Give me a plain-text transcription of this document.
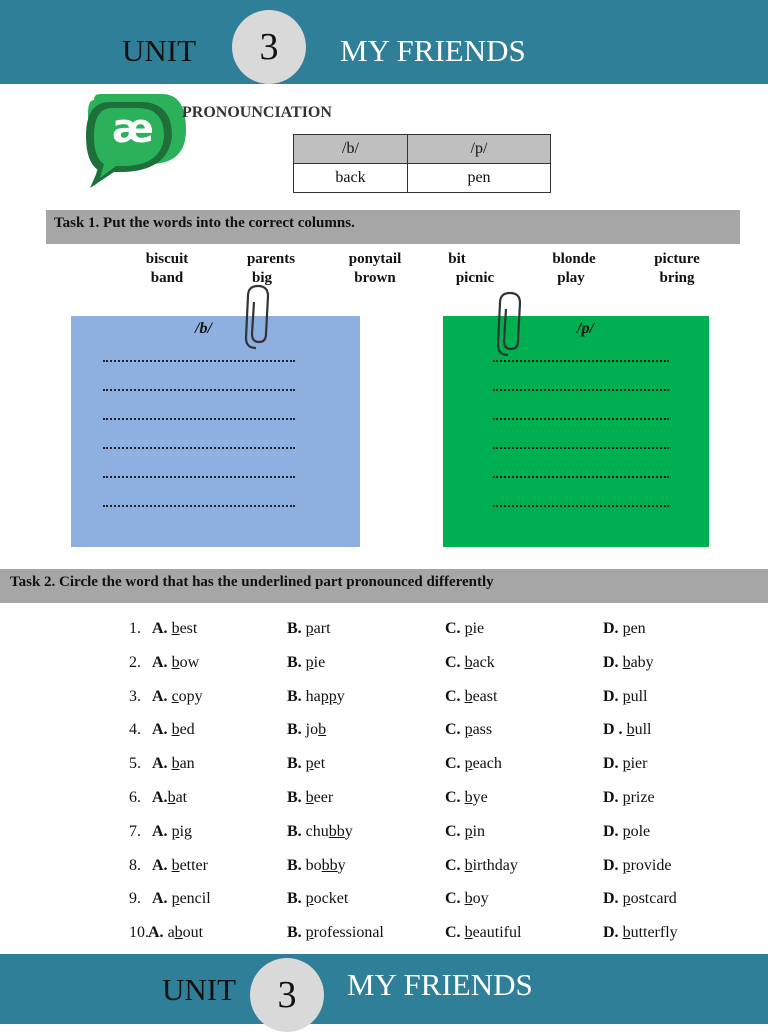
UNIT	3	MY FRIENDS
æ PRONOUNCIATION
/b/	/p/
back	pen
Task 1. Put the words into the correct columns.
biscuit
band
parents
big
ponytail
brown
bit
picnic
blonde
play
picture
bring
/b/	/p/
Task 2. Circle the word that has the underlined part pronounced differently
1. A. best	B. part	C. pie	D. pen
2. A. bow	B. pie	C. back	D. baby
3. A. copy	B. happy	C. beast	D. pull
4. A. bed	B. job	C. pass	D . bull
5. A. ban	B. pet	C. peach	D. pier
6. A.bat	B. beer	C. bye	D. prize
7. A. pig	B. chubby	C. pin	D. pole
8. A. better	B. bobby	C. birthday	D. provide
9. A. pencil	B. pocket	C. boy	D. postcard
10. A. about	B. professional	C. beautiful	D. butterfly
UNIT	3	MY FRIENDS
